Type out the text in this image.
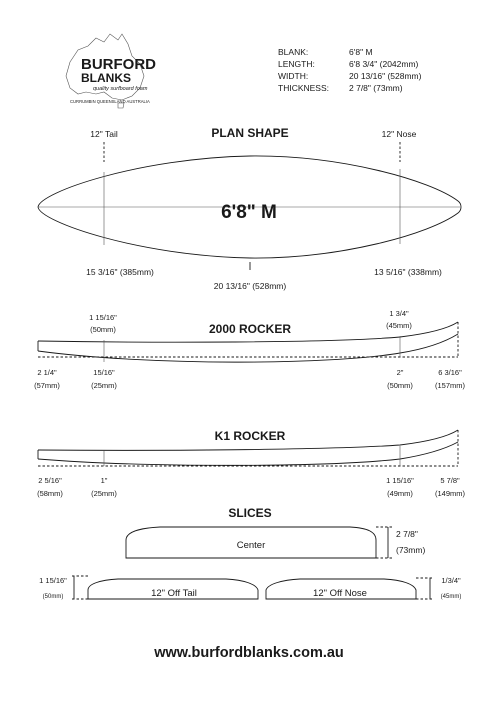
BURFORD
BLANKS
quality surfboard foam
CURRUMBIN QUEENSLAND AUSTRALIA
BLANK:	6'8" M
LENGTH:	6'8 3/4" (2042mm)
WIDTH:	20 13/16" (528mm)
THICKNESS: 2 7/8" (73mm)
PLAN SHAPE
12" Tail	12" Nose
6'8" M
15 3/16" (385mm)
20 13/16" (528mm)
13 5/16" (338mm)
2000 ROCKER
1 15/16"
(50mm)
1 3/4"
(45mm)
2 1/4"
(57mm)
15/16"
(25mm)
2"
(50mm)
6 3/16"
(157mm)
K1 ROCKER
2 5/16"
(58mm)
1"
(25mm)
1 15/16"
(49mm)
5 7/8"
(149mm)
SLICES
Center
2 7/8"
(73mm)
12" Off Tail	12" Off Nose
1 15/16"
(50mm)
1/3/4"
(45mm)
www.burfordblanks.com.au
